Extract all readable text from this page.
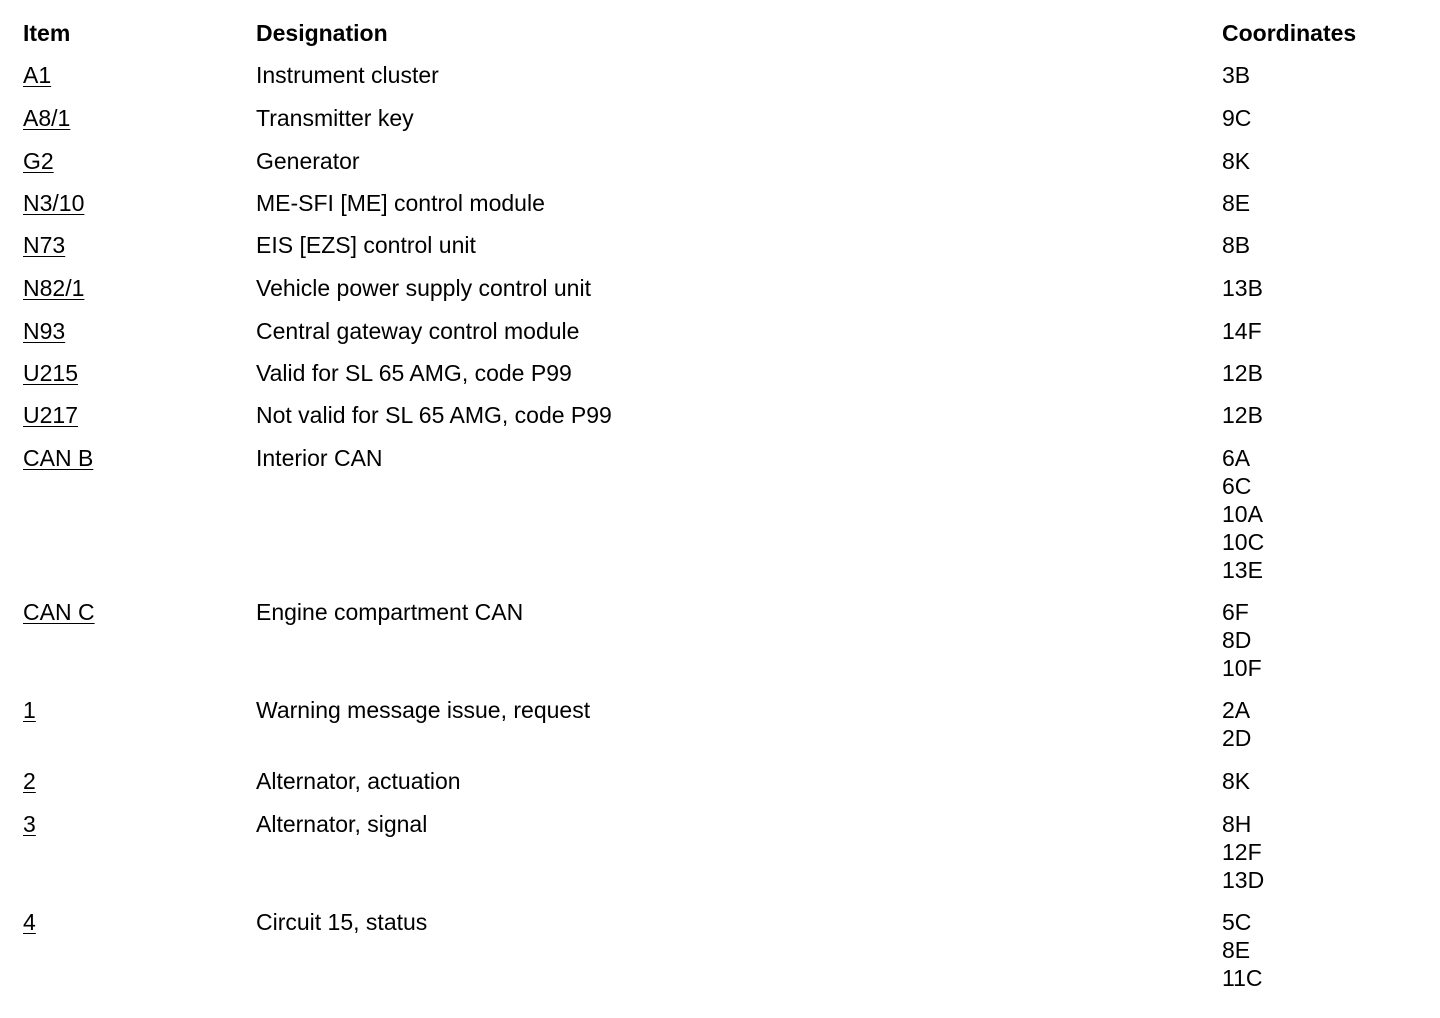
Item	Designation	Coordinates
A1	Instrument cluster	3B
A8/1	Transmitter key	9C
G2	Generator	8K
N3/10	ME-SFI [ME] control module	8E
N73	EIS [EZS] control unit	8B
N82/1	Vehicle power supply control unit	13B
N93	Central gateway control module	14F
U215	Valid for SL 65 AMG, code P99	12B
U217	Not valid for SL 65 AMG, code P99	12B
CAN B	Interior CAN	6A
6C
10A
10C
13E
CAN C	Engine compartment CAN	6F
8D
10F
1	Warning message issue, request	2A
2D
2	Alternator, actuation	8K
3	Alternator, signal	8H
12F
13D
4	Circuit 15, status	5C
8E
11C
